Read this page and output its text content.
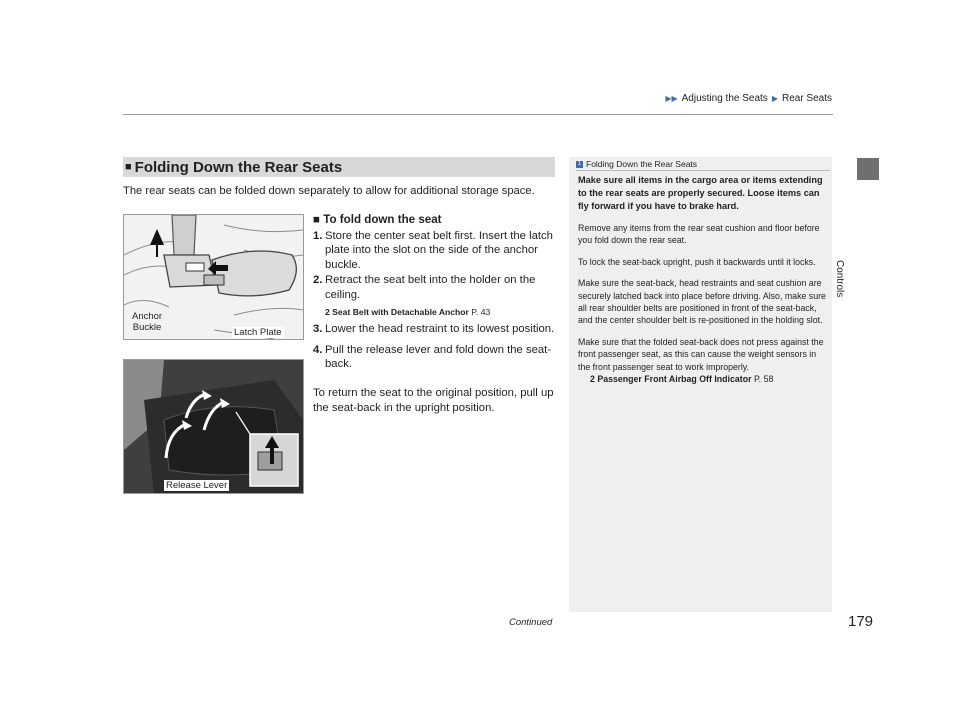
▶▶ Adjusting the Seats ▶ Rear Seats
Controls
■ Folding Down the Rear Seats
The rear seats can be folded down separately to allow for additional storage space.
Anchor
Buckle	Latch Plate
Release Lever
■ To fold down the seat
1. Store the center seat belt first. Insert the latch plate into the slot on the side of the anchor buckle.
2. Retract the seat belt into the holder on the ceiling.
2 Seat Belt with Detachable Anchor P. 43
3. Lower the head restraint to its lowest position.
4. Pull the release lever and fold down the seat-back.
To return the seat to the original position, pull up the seat-back in the upright position.
1 Folding Down the Rear Seats

Make sure all items in the cargo area or items extending to the rear seats are properly secured. Loose items can fly forward if you have to brake hard.

Remove any items from the rear seat cushion and floor before you fold down the rear seat.

To lock the seat-back upright, push it backwards until it locks.

Make sure the seat-back, head restraints and seat cushion are securely latched back into place before driving. Also, make sure all rear shoulder belts are positioned in front of the seat-back, and the center shoulder belt is re-positioned in the holding slot.

Make sure that the folded seat-back does not press against the front passenger seat, as this can cause the weight sensors in the front passenger seat to work improperly.

2 Passenger Front Airbag Off Indicator P. 58
Continued	179
